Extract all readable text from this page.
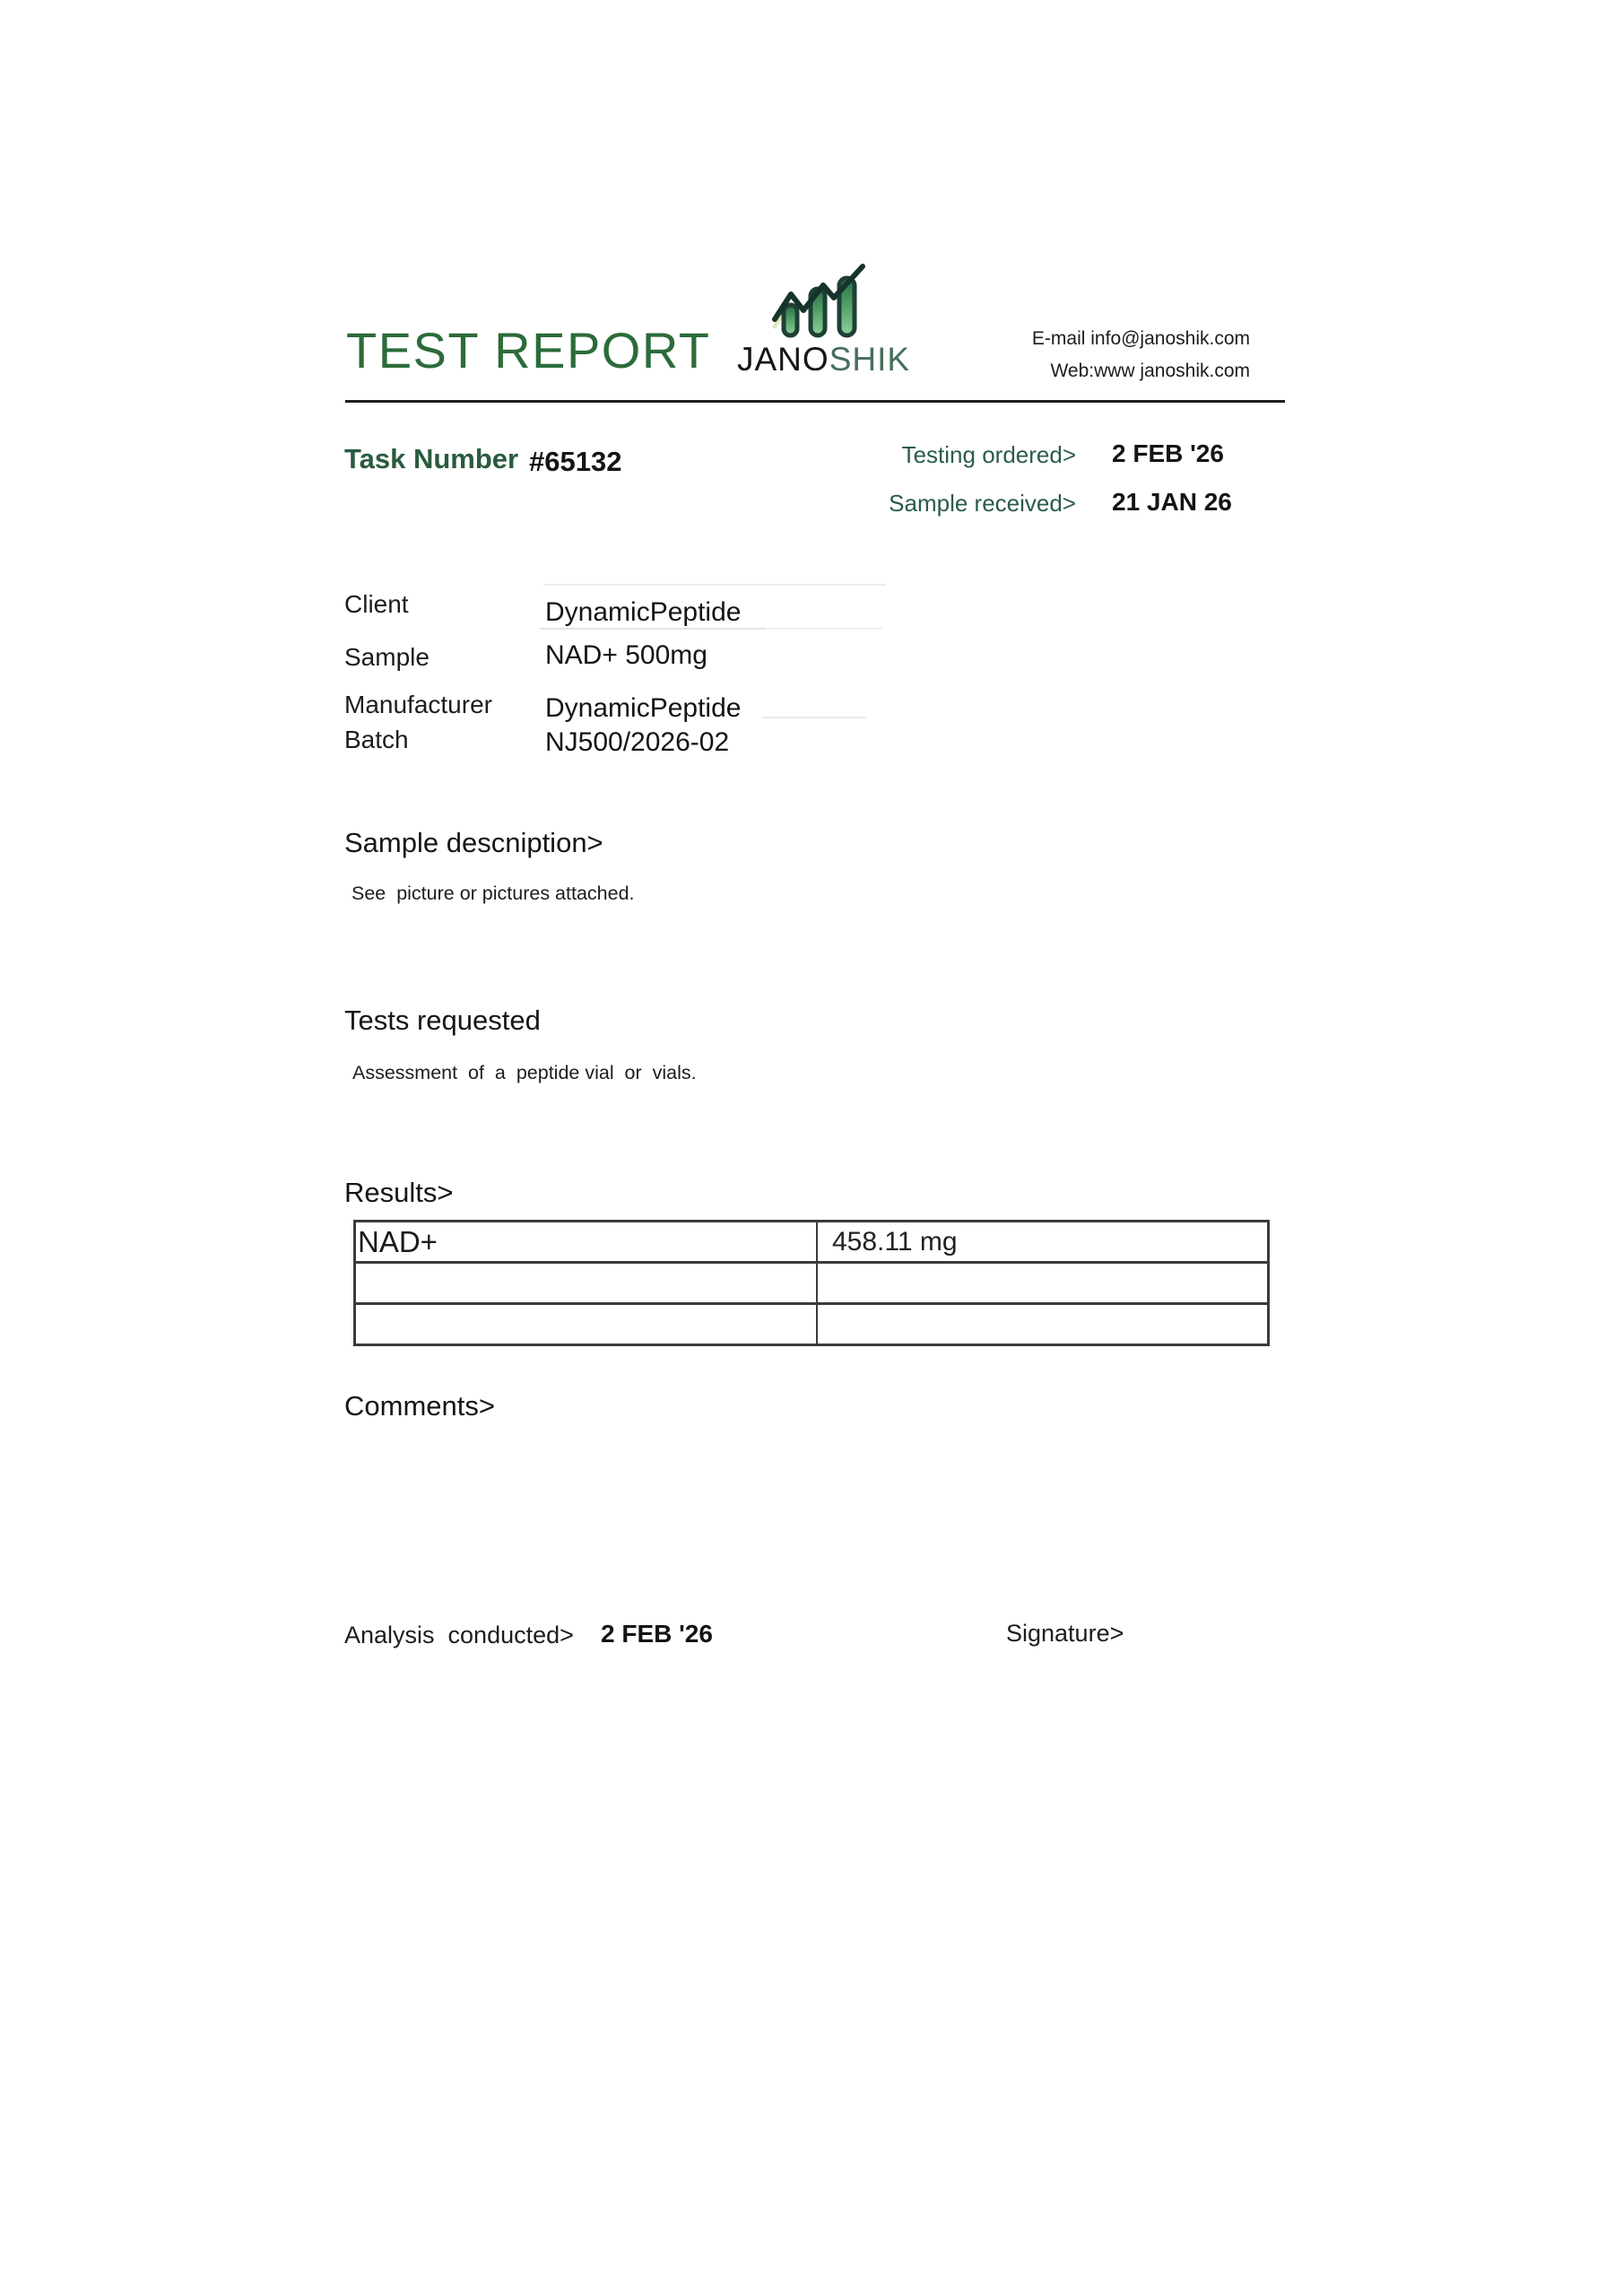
TEST REPORT JANOSHIK
E-mail info@janoshik.com
Web:www janoshik.com
Task Number #65132	Testing ordered> 2 FEB '26
Sample received> 21 JAN 26
Client	DynamicPeptide
Sample	NAD+ 500mg
Manufacturer DynamicPeptide
Batch	NJ500/2026-02
Sample descniption>
See  picture or pictures attached.
Tests requested
Assessment  of  a  peptide vial  or  vials.
Results>
NAD+	458.11 mg

Comments>
Analysis  conducted> 2 FEB '26	Signature>
